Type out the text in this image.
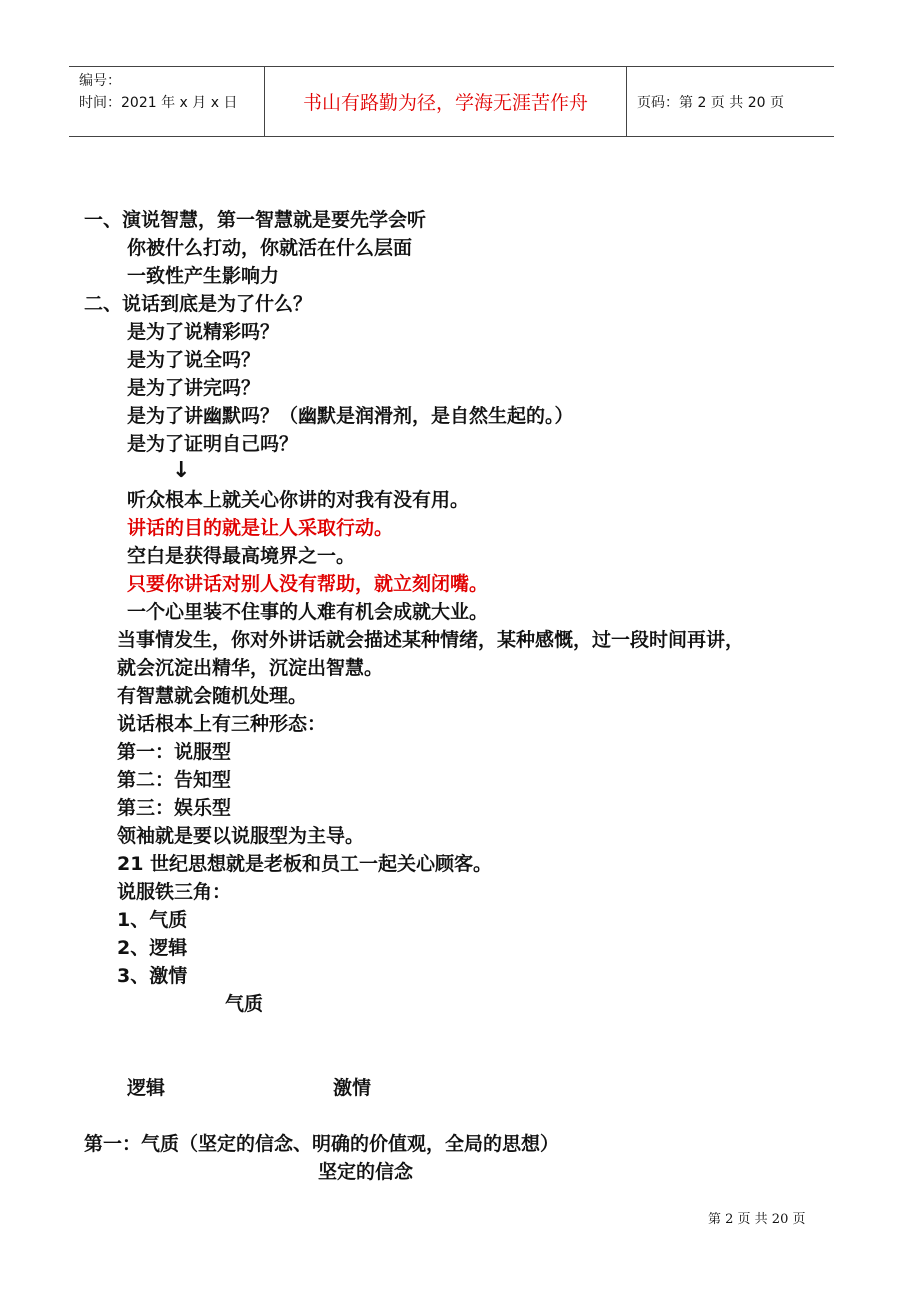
编号：
时间：2021 年 x 月 x 日	书山有路勤为径，学海无涯苦作舟	页码：第 2 页 共 20 页
一、演说智慧，第一智慧就是要先学会听
你被什么打动，你就活在什么层面
一致性产生影响力
二、说话到底是为了什么？
是为了说精彩吗？
是为了说全吗？
是为了讲完吗？
是为了讲幽默吗？（幽默是润滑剂，是自然生起的。）
是为了证明自己吗？
↓
听众根本上就关心你讲的对我有没有用。
讲话的目的就是让人采取行动。
空白是获得最高境界之一。
只要你讲话对别人没有帮助，就立刻闭嘴。
一个心里装不住事的人难有机会成就大业。
当事情发生，你对外讲话就会描述某种情绪，某种感慨，过一段时间再讲，
就会沉淀出精华，沉淀出智慧。
有智慧就会随机处理。
说话根本上有三种形态：
第一：说服型
第二：告知型
第三：娱乐型
领袖就是要以说服型为主导。
21 世纪思想就是老板和员工一起关心顾客。
说服铁三角：
1、气质
2、逻辑
3、激情
气质
逻辑	激情
第一：气质（坚定的信念、明确的价值观，全局的思想）
坚定的信念
第 2 页 共 20 页
